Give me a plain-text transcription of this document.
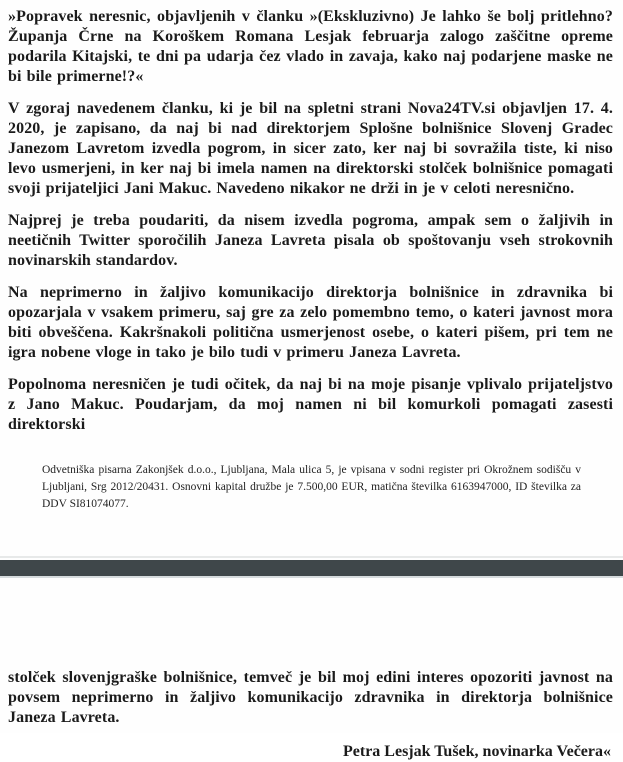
»Popravek neresnic, objavljenih v članku »(Ekskluzivno) Je lahko še bolj pritlehno? Županja Črne na Koroškem Romana Lesjak februarja zalogo zaščitne opreme podarila Kitajski, te dni pa udarja čez vlado in zavaja, kako naj podarjene maske ne bi bile primerne!?«

V zgoraj navedenem članku, ki je bil na spletni strani Nova24TV.si objavljen 17. 4. 2020, je zapisano, da naj bi nad direktorjem Splošne bolnišnice Slovenj Gradec Janezom Lavretom izvedla pogrom, in sicer zato, ker naj bi sovražila tiste, ki niso levo usmerjeni, in ker naj bi imela namen na direktorski stolček bolnišnice pomagati svoji prijateljici Jani Makuc. Navedeno nikakor ne drži in je v celoti neresnično.

Najprej je treba poudariti, da nisem izvedla pogroma, ampak sem o žaljivih in neetičnih Twitter sporočilih Janeza Lavreta pisala ob spoštovanju vseh strokovnih novinarskih standardov.

Na neprimerno in žaljivo komunikacijo direktorja bolnišnice in zdravnika bi opozarjala v vsakem primeru, saj gre za zelo pomembno temo, o kateri javnost mora biti obveščena. Kakršnakoli politična usmerjenost osebe, o kateri pišem, pri tem ne igra nobene vloge in tako je bilo tudi v primeru Janeza Lavreta.

Popolnoma neresničen je tudi očitek, da naj bi na moje pisanje vplivalo prijateljstvo z Jano Makuc. Poudarjam, da moj namen ni bil komurkoli pomagati zasesti direktorski

Odvetniška pisarna Zakonjšek d.o.o., Ljubljana, Mala ulica 5, je vpisana v sodni register pri Okrožnem sodišču v Ljubljani, Srg 2012/20431. Osnovni kapital družbe je 7.500,00 EUR, matična številka 6163947000, ID številka za DDV SI81074077.

stolček slovenjgraške bolnišnice, temveč je bil moj edini interes opozoriti javnost na povsem neprimerno in žaljivo komunikacijo zdravnika in direktorja bolnišnice Janeza Lavreta.

Petra Lesjak Tušek, novinarka Večera«
